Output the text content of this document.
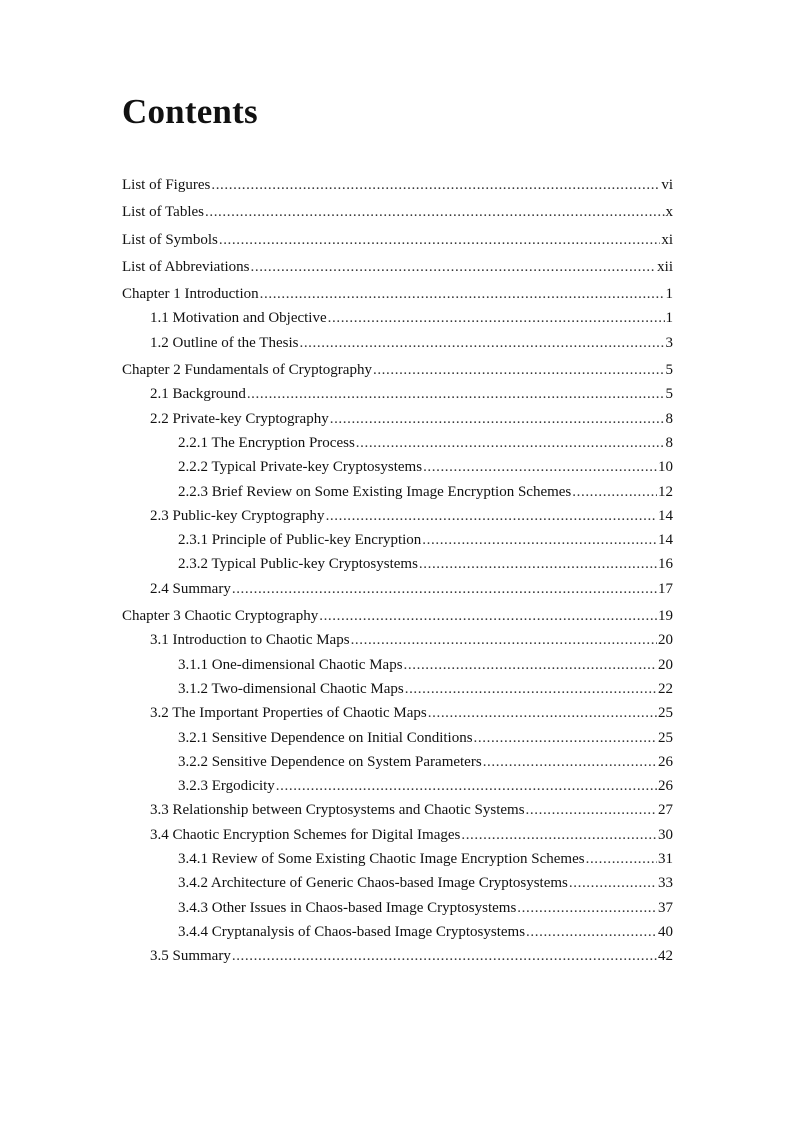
Contents
List of Figures .....	vi
List of Tables .....	x
List of Symbols .....	xi
List of Abbreviations .....	xii
Chapter 1 Introduction .....	1
1.1 Motivation and Objective .....	1
1.2 Outline of the Thesis .....	3
Chapter 2 Fundamentals of Cryptography .....	5
2.1 Background .....	5
2.2 Private-key Cryptography .....	8
2.2.1 The Encryption Process .....	8
2.2.2 Typical Private-key Cryptosystems .....	10
2.2.3 Brief Review on Some Existing Image Encryption Schemes .....	12
2.3 Public-key Cryptography .....	14
2.3.1 Principle of Public-key Encryption .....	14
2.3.2 Typical Public-key Cryptosystems .....	16
2.4 Summary .....	17
Chapter 3 Chaotic Cryptography .....	19
3.1 Introduction to Chaotic Maps .....	20
3.1.1 One-dimensional Chaotic Maps .....	20
3.1.2 Two-dimensional Chaotic Maps .....	22
3.2 The Important Properties of Chaotic Maps .....	25
3.2.1 Sensitive Dependence on Initial Conditions .....	25
3.2.2 Sensitive Dependence on System Parameters .....	26
3.2.3 Ergodicity .....	26
3.3 Relationship between Cryptosystems and Chaotic Systems .....	27
3.4 Chaotic Encryption Schemes for Digital Images .....	30
3.4.1 Review of Some Existing Chaotic Image Encryption Schemes .....	31
3.4.2 Architecture of Generic Chaos-based Image Cryptosystems .....	33
3.4.3 Other Issues in Chaos-based Image Cryptosystems .....	37
3.4.4 Cryptanalysis of Chaos-based Image Cryptosystems .....	40
3.5 Summary .....	42
